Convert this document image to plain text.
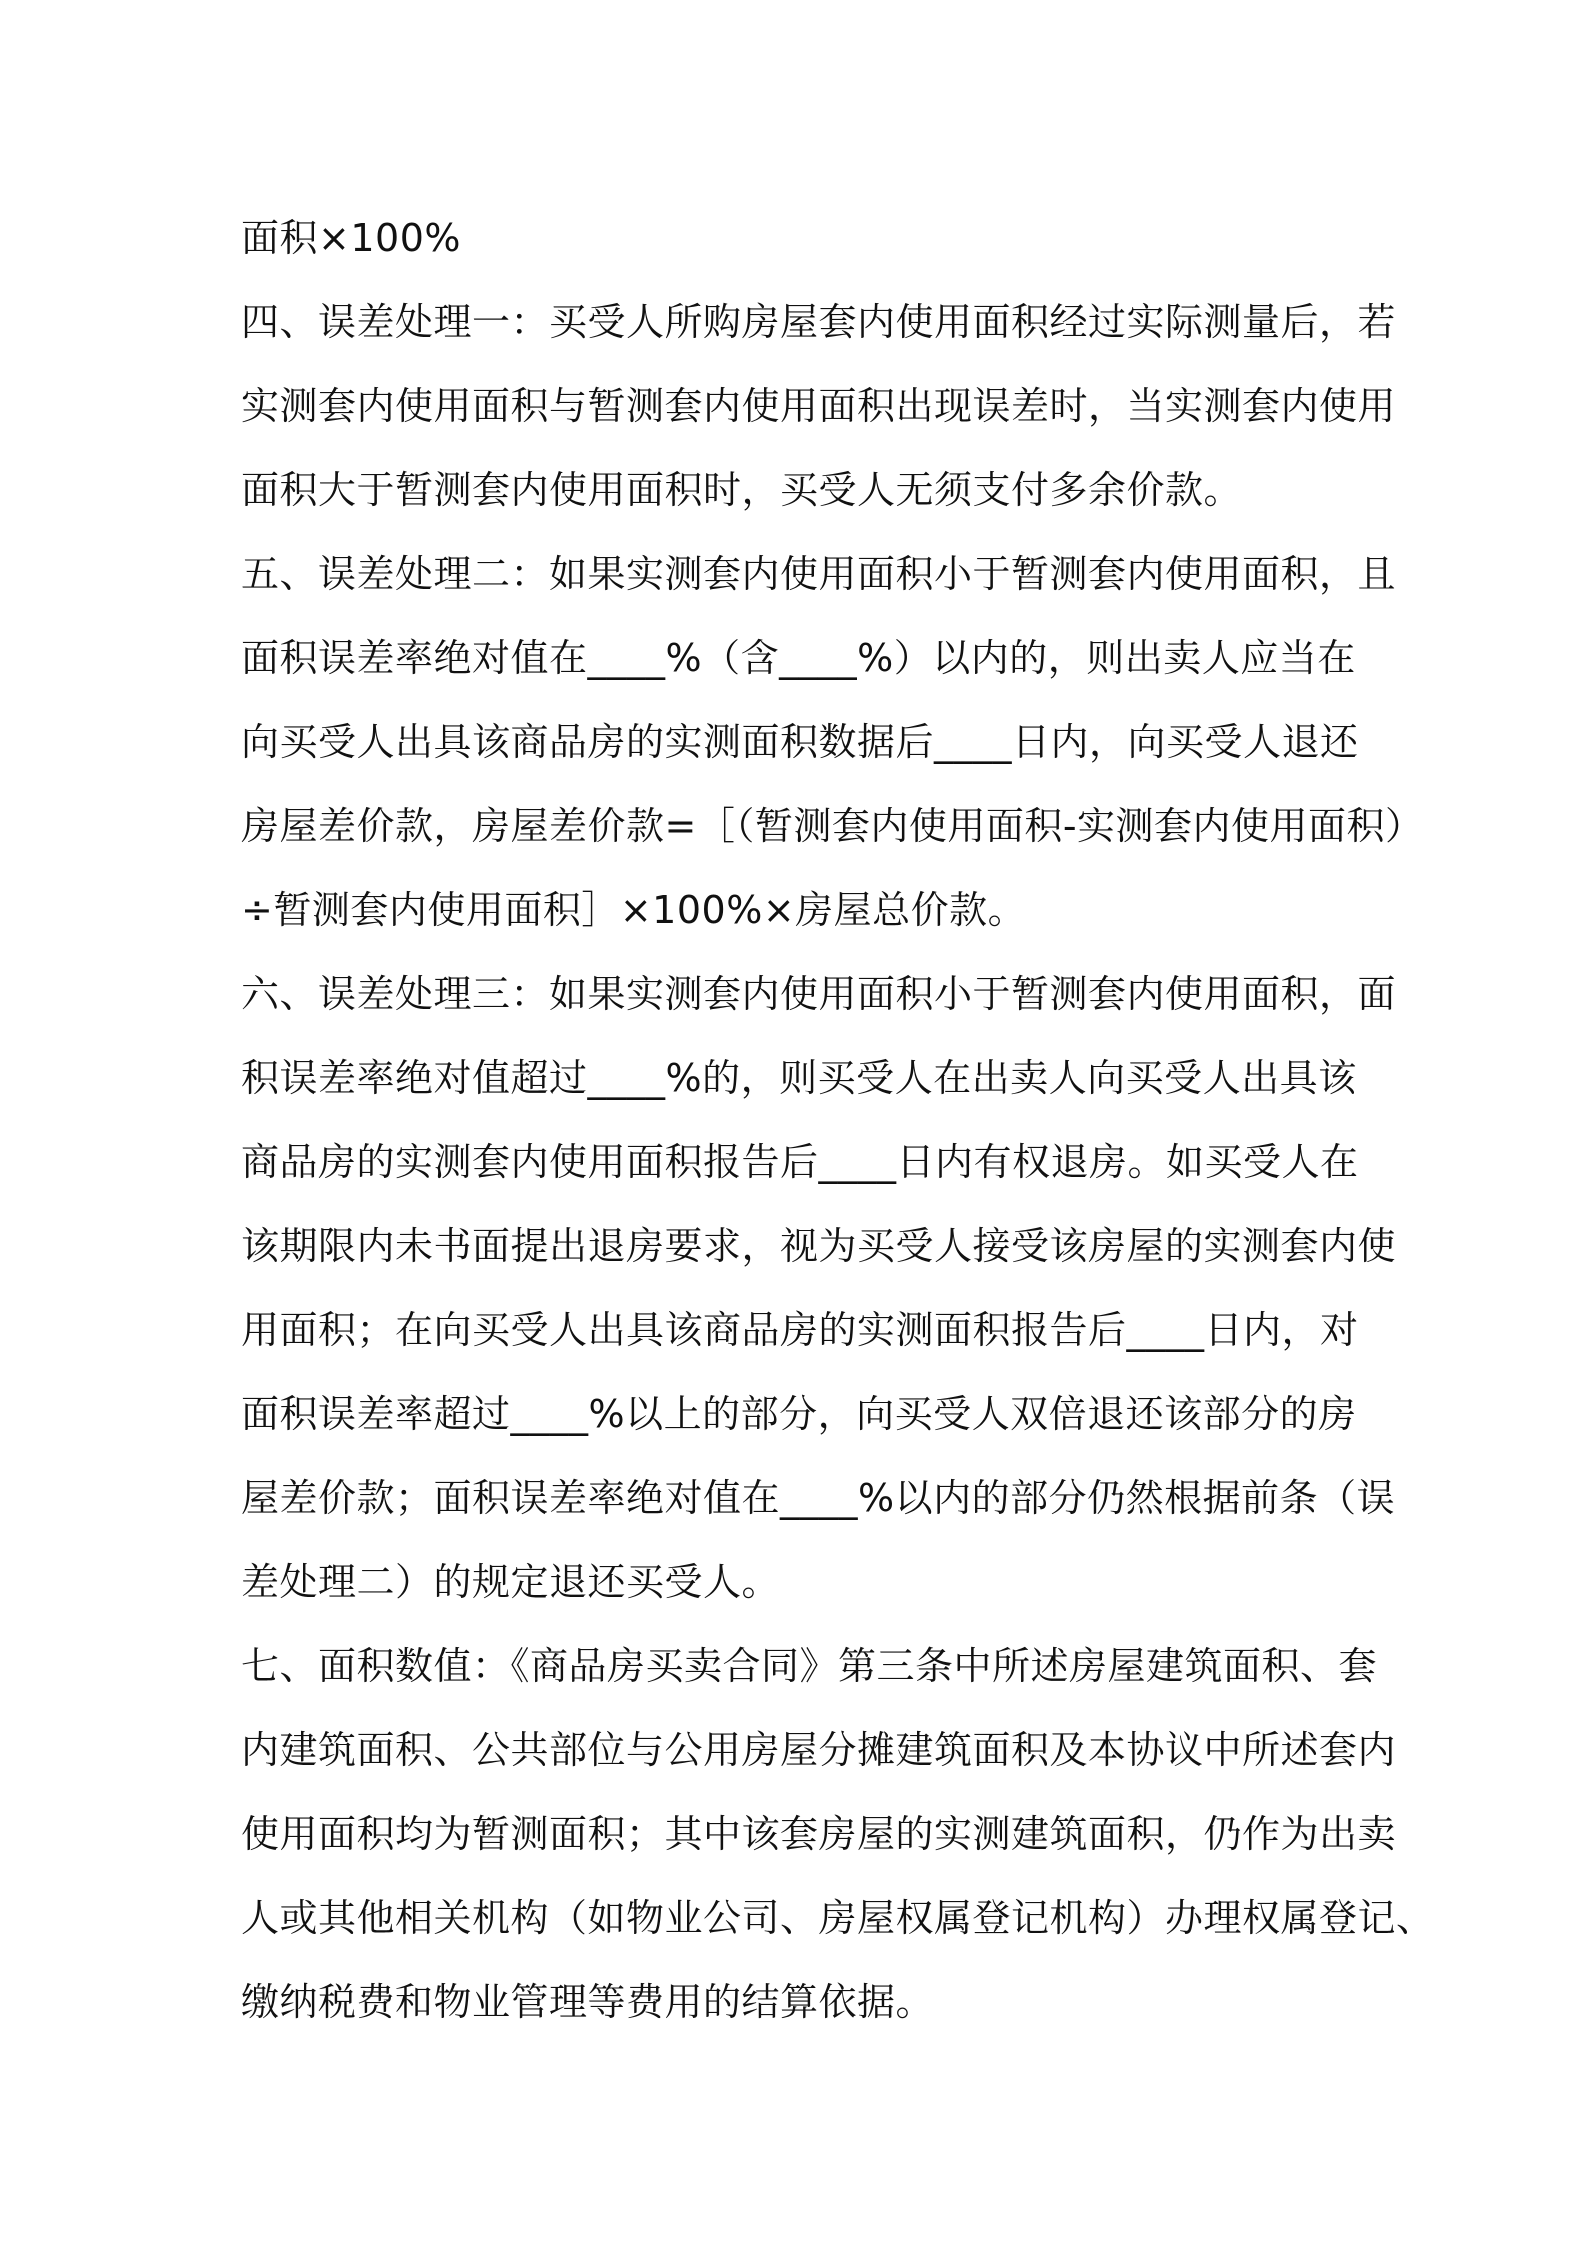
面积×100%
四、误差处理一：买受人所购房屋套内使用面积经过实际测量后，若
实测套内使用面积与暂测套内使用面积出现误差时，当实测套内使用
面积大于暂测套内使用面积时，买受人无须支付多余价款。
五、误差处理二：如果实测套内使用面积小于暂测套内使用面积，且
面积误差率绝对值在____%（含____%）以内的，则出卖人应当在
向买受人出具该商品房的实测面积数据后____日内，向买受人退还
房屋差价款，房屋差价款=［（暂测套内使用面积-实测套内使用面积）
÷暂测套内使用面积］×100%×房屋总价款。
六、误差处理三：如果实测套内使用面积小于暂测套内使用面积，面
积误差率绝对值超过____%的，则买受人在出卖人向买受人出具该
商品房的实测套内使用面积报告后____日内有权退房。如买受人在
该期限内未书面提出退房要求，视为买受人接受该房屋的实测套内使
用面积；在向买受人出具该商品房的实测面积报告后____日内，对
面积误差率超过____%以上的部分，向买受人双倍退还该部分的房
屋差价款；面积误差率绝对值在____%以内的部分仍然根据前条（误
差处理二）的规定退还买受人。
七、面积数值：《商品房买卖合同》第三条中所述房屋建筑面积、套
内建筑面积、公共部位与公用房屋分摊建筑面积及本协议中所述套内
使用面积均为暂测面积；其中该套房屋的实测建筑面积，仍作为出卖
人或其他相关机构（如物业公司、房屋权属登记机构）办理权属登记、
缴纳税费和物业管理等费用的结算依据。
